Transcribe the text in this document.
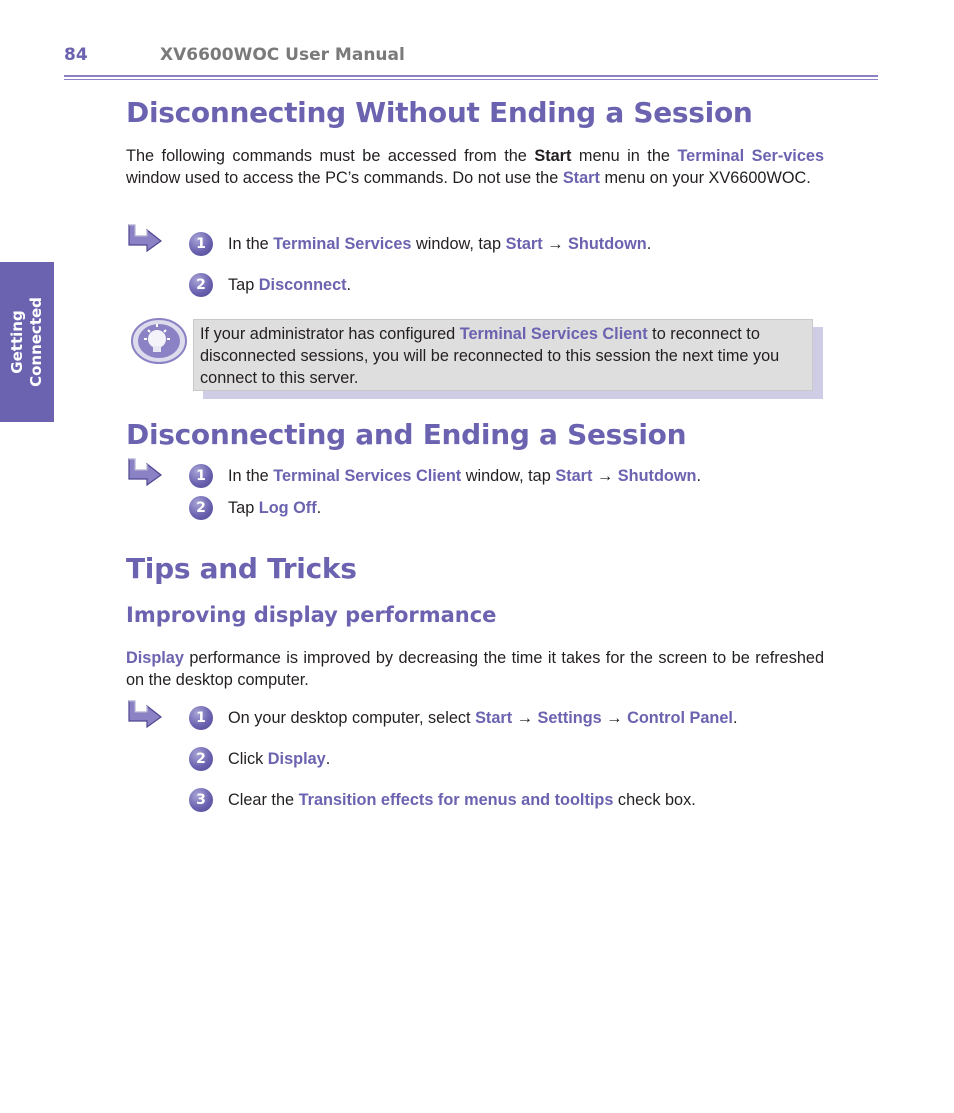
84	XV6600WOC User Manual
Getting
Connected
Disconnecting Without Ending a Session
The following commands must be accessed from the Start menu in the Terminal Ser-vices window used to access the PC’s commands. Do not use the Start menu on your XV6600WOC.
1	In the Terminal Services window, tap Start → Shutdown.
2	Tap Disconnect.
If your administrator has configured Terminal Services Client to reconnect to disconnected sessions, you will be reconnected to this session the next time you connect to this server.
Disconnecting and Ending a Session
1	In the Terminal Services Client window, tap Start → Shutdown.
2	Tap Log Off.
Tips and Tricks
Improving display performance
Display performance is improved by decreasing the time it takes for the screen to be refreshed on the desktop computer.
1	On your desktop computer, select Start → Settings → Control Panel.
2	Click Display.
3	Clear the Transition effects for menus and tooltips check box.
